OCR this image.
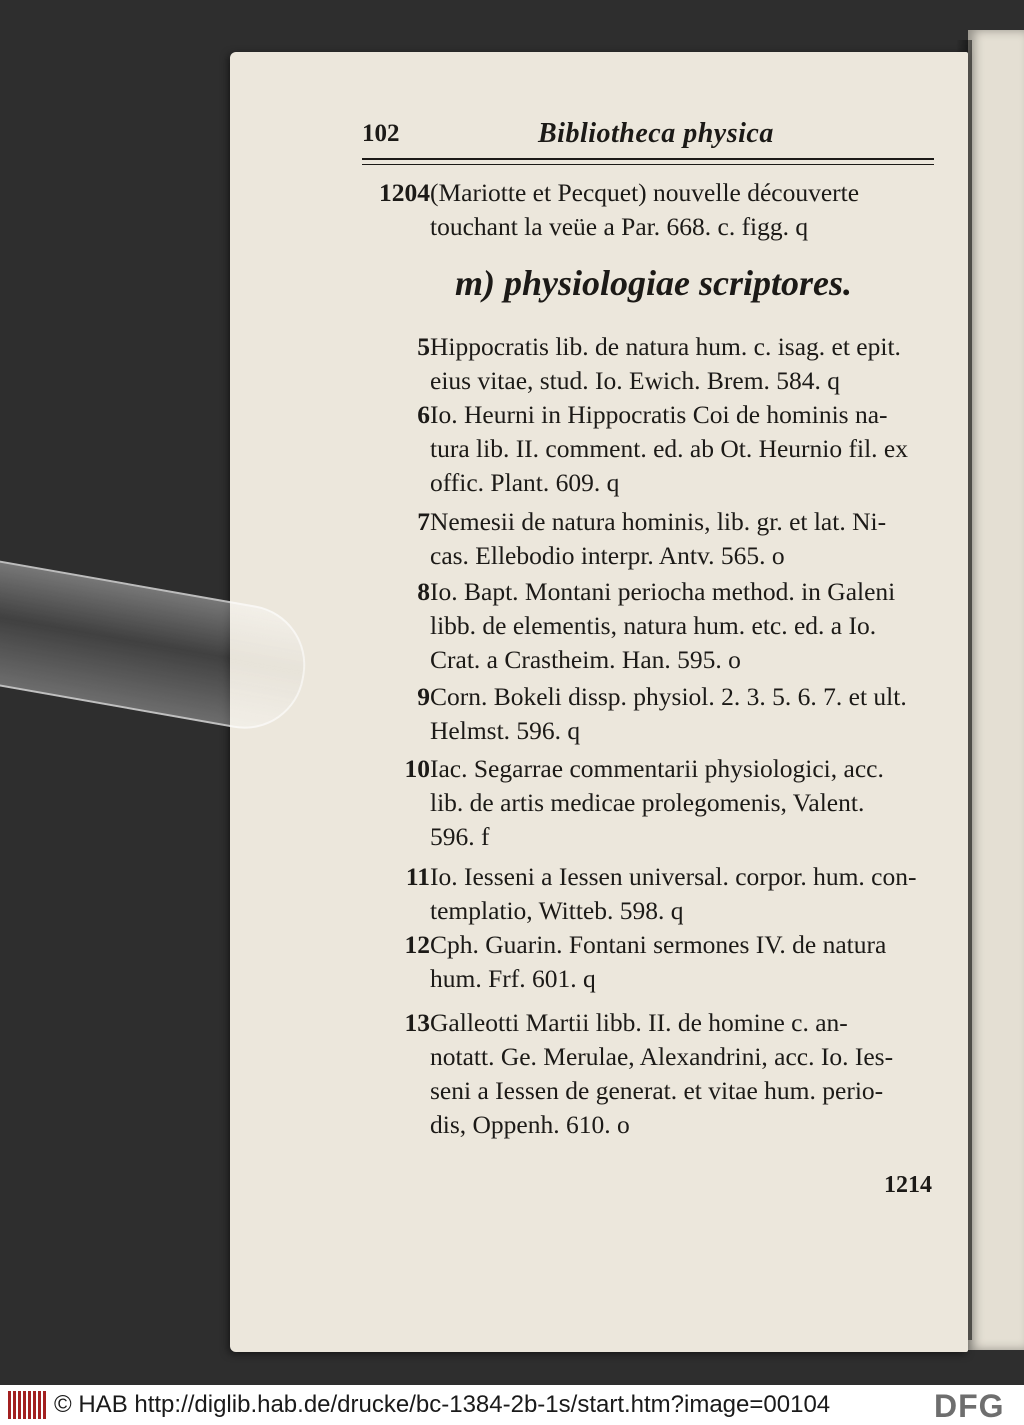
102	Bibliotheca physica
1204 (Mariotte et Pecquet) nouvelle découverte
touchant la veüe a Par. 668. c. figg. q
m) physiologiae scriptores.
5 Hippocratis lib. de natura hum. c. isag. et epit.
eius vitae, stud. Io. Ewich. Brem. 584. q
6 Io. Heurni in Hippocratis Coi de hominis na-
tura lib. II. comment. ed. ab Ot. Heurnio fil. ex
offic. Plant. 609. q
7 Nemesii de natura hominis, lib. gr. et lat. Ni-
cas. Ellebodio interpr. Antv. 565. o
8 Io. Bapt. Montani periocha method. in Galeni
libb. de elementis, natura hum. etc. ed. a Io.
Crat. a Crastheim. Han. 595. o
9 Corn. Bokeli dissp. physiol. 2. 3. 5. 6. 7. et ult.
Helmst. 596. q
10 Iac. Segarrae commentarii physiologici, acc.
lib. de artis medicae prolegomenis, Valent.
596. f
11 Io. Iesseni a Iessen universal. corpor. hum. con-
templatio, Witteb. 598. q
12 Cph. Guarin. Fontani sermones IV. de natura
hum. Frf. 601. q
13 Galleotti Martii libb. II. de homine c. an-
notatt. Ge. Merulae, Alexandrini, acc. Io. Ies-
seni a Iessen de generat. et vitae hum. perio-
dis, Oppenh. 610. o
1214
© HAB http://diglib.hab.de/drucke/bc-1384-2b-1s/start.htm?image=00104	DFG
